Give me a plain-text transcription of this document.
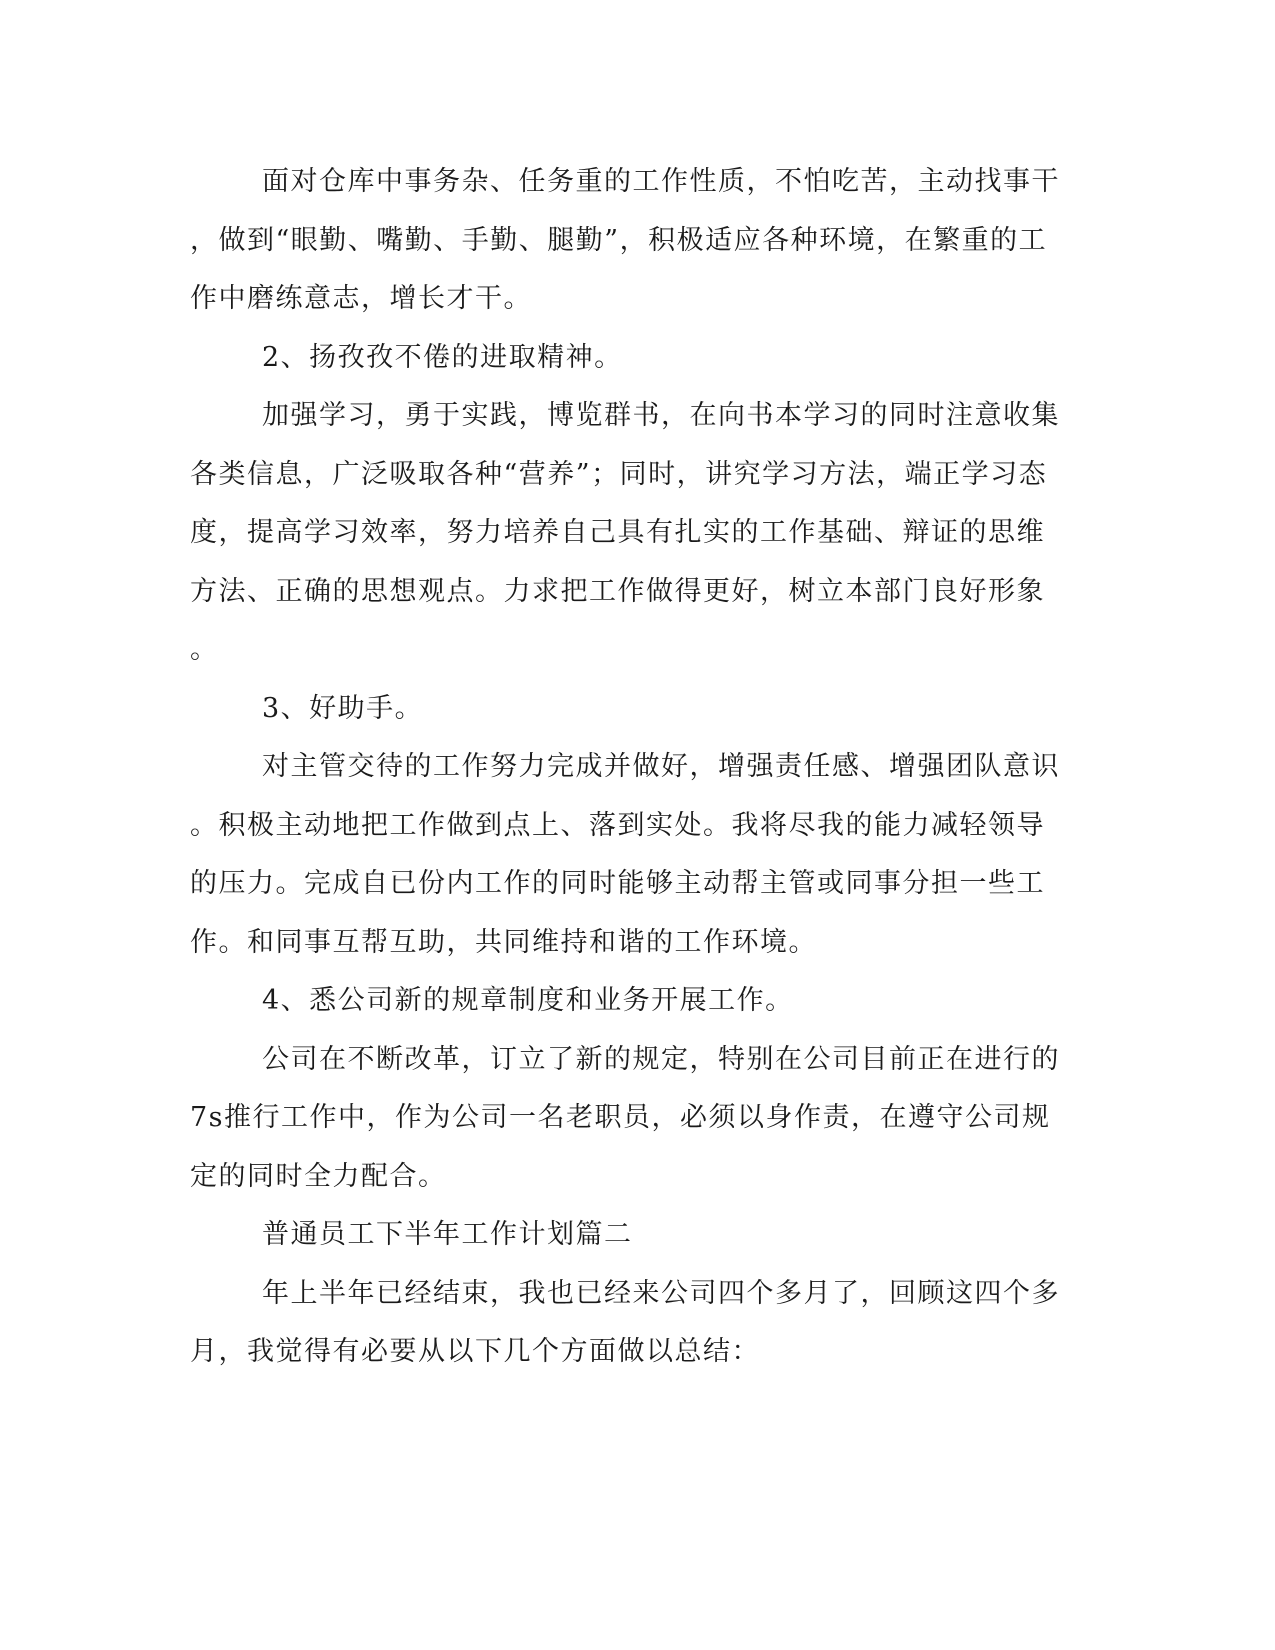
面对仓库中事务杂、任务重的工作性质，不怕吃苦，主动找事干
，做到“眼勤、嘴勤、手勤、腿勤”，积极适应各种环境，在繁重的工
作中磨练意志，增长才干。
2、扬孜孜不倦的进取精神。
加强学习，勇于实践，博览群书，在向书本学习的同时注意收集
各类信息，广泛吸取各种“营养”；同时，讲究学习方法，端正学习态
度，提高学习效率，努力培养自己具有扎实的工作基础、辩证的思维
方法、正确的思想观点。力求把工作做得更好，树立本部门良好形象
。
3、好助手。
对主管交待的工作努力完成并做好，增强责任感、增强团队意识
。积极主动地把工作做到点上、落到实处。我将尽我的能力减轻领导
的压力。完成自已份内工作的同时能够主动帮主管或同事分担一些工
作。和同事互帮互助，共同维持和谐的工作环境。
4、悉公司新的规章制度和业务开展工作。
公司在不断改革，订立了新的规定，特别在公司目前正在进行的
7s推行工作中，作为公司一名老职员，必须以身作责，在遵守公司规
定的同时全力配合。
普通员工下半年工作计划篇二
年上半年已经结束，我也已经来公司四个多月了，回顾这四个多
月，我觉得有必要从以下几个方面做以总结：
